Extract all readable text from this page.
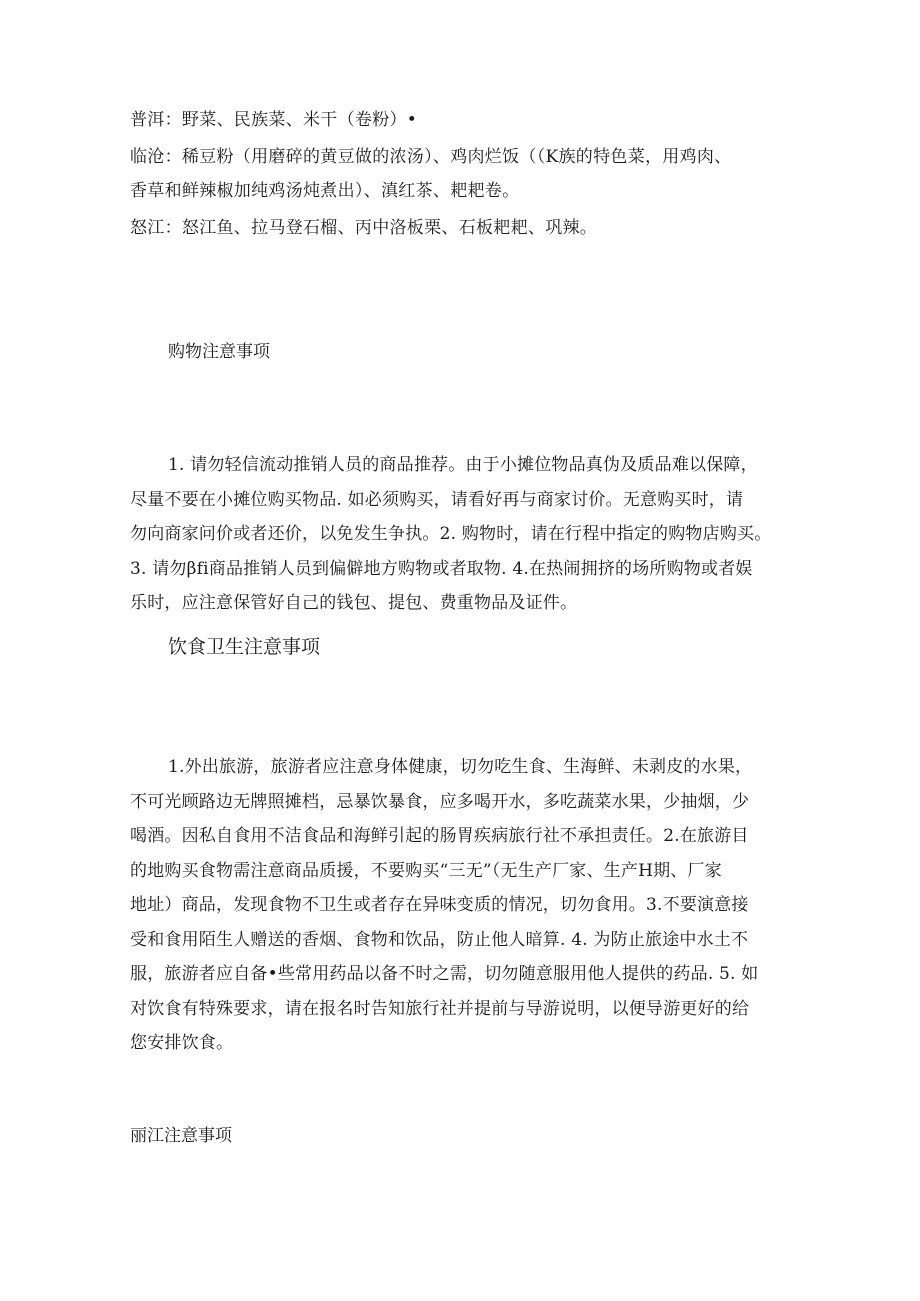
普洱：野菜、民族菜、米干（卷粉）•
临沧：稀豆粉（用磨碎的黄豆做的浓汤）、鸡肉烂饭（（K族的特色菜，用鸡肉、
香草和鲜辣椒加纯鸡汤炖煮出）、滇红茶、耙耙卷。
怒江：怒江鱼、拉马登石榴、丙中洛板栗、石板耙耙、巩辣。
购物注意事项
1. 请勿轻信流动推销人员的商品推荐。由于小摊位物品真伪及质品难以保障，
尽量不要在小摊位购买物品. 如必须购买，请看好再与商家讨价。无意购买时，请
勿向商家问价或者还价，以免发生争执。2. 购物时，请在行程中指定的购物店购买。
3. 请勿βfi商品推销人员到偏僻地方购物或者取物. 4.在热闹拥挤的场所购物或者娱
乐时，应注意保管好自己的钱包、提包、费重物品及证件。
饮食卫生注意事项
1.外出旅游，旅游者应注意身体健康，切勿吃生食、生海鲜、未剥皮的水果，
不可光顾路边无牌照摊档，忌暴饮暴食，应多喝开水，多吃蔬菜水果，少抽烟，少
喝酒。因私自食用不洁食品和海鲜引起的肠胃疾病旅行社不承担责任。2.在旅游目
的地购买食物需注意商品质援，不要购买“三无”（无生产厂家、生产H期、厂家
地址）商品，发现食物不卫生或者存在异味变质的情况，切勿食用。3.不要演意接
受和食用陌生人赠送的香烟、食物和饮品，防止他人暗算. 4. 为防止旅途中水土不
服，旅游者应自备•些常用药品以备不时之需，切勿随意服用他人提供的药品. 5. 如
对饮食有特殊要求，请在报名时告知旅行社并提前与导游说明，以便导游更好的给
您安排饮食。
丽江注意事项
